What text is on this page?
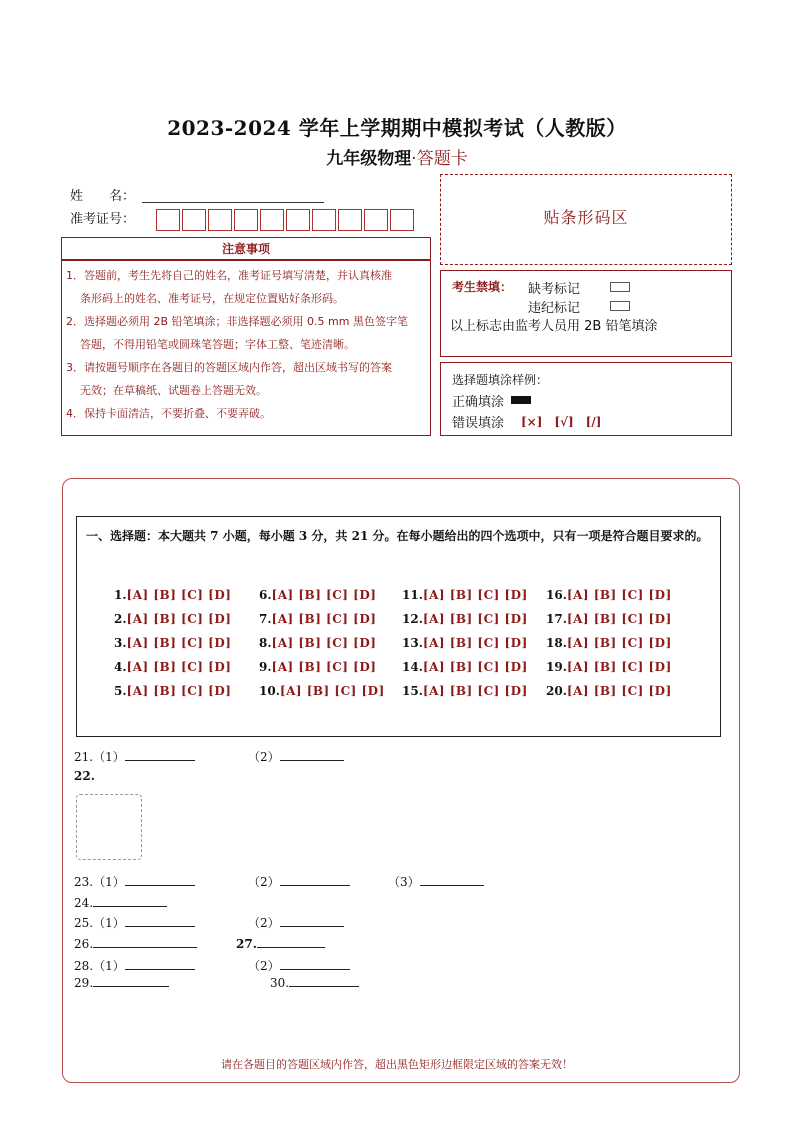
2023-2024 学年上学期期中模拟考试（人教版）
九年级物理·答题卡
姓　　名：
准考证号：	贴条形码区
注意事项
1．答题前，考生先将自己的姓名，准考证号填写清楚，并认真核准
条形码上的姓名、准考证号，在规定位置贴好条形码。
2．选择题必须用 2B 铅笔填涂；非选择题必须用 0.5 mm 黑色签字笔
答题，不得用铅笔或圆珠笔答题；字体工整、笔迹清晰。
3．请按题号顺序在各题目的答题区域内作答，超出区域书写的答案
无效；在草稿纸、试题卷上答题无效。
4．保持卡面清洁，不要折叠、不要弄破。
考生禁填： 缺考标记
违纪标记
以上标志由监考人员用 2B 铅笔填涂
选择题填涂样例：
正确填涂
错误填涂 [×]　[√]　[/]
一、选择题：本大题共 7 小题，每小题 3 分，共 21 分。在每小题给出的四个选项中，只有一项是符合题目要求的。
1.[A] [B] [C] [D]
2.[A] [B] [C] [D]
3.[A] [B] [C] [D]
4.[A] [B] [C] [D]
5.[A] [B] [C] [D]
6.[A] [B] [C] [D]
7.[A] [B] [C] [D]
8.[A] [B] [C] [D]
9.[A] [B] [C] [D]
10.[A] [B] [C] [D]
11.[A] [B] [C] [D]
12.[A] [B] [C] [D]
13.[A] [B] [C] [D]
14.[A] [B] [C] [D]
15.[A] [B] [C] [D]
16.[A] [B] [C] [D]
17.[A] [B] [C] [D]
18.[A] [B] [C] [D]
19.[A] [B] [C] [D]
20.[A] [B] [C] [D]
21.（1）	（2）
22.
23.（1）	（2）	（3）
24.
25.（1）	（2）
26.	27.
28.（1）	（2）
29.	30.
请在各题目的答题区域内作答，超出黑色矩形边框限定区域的答案无效！
